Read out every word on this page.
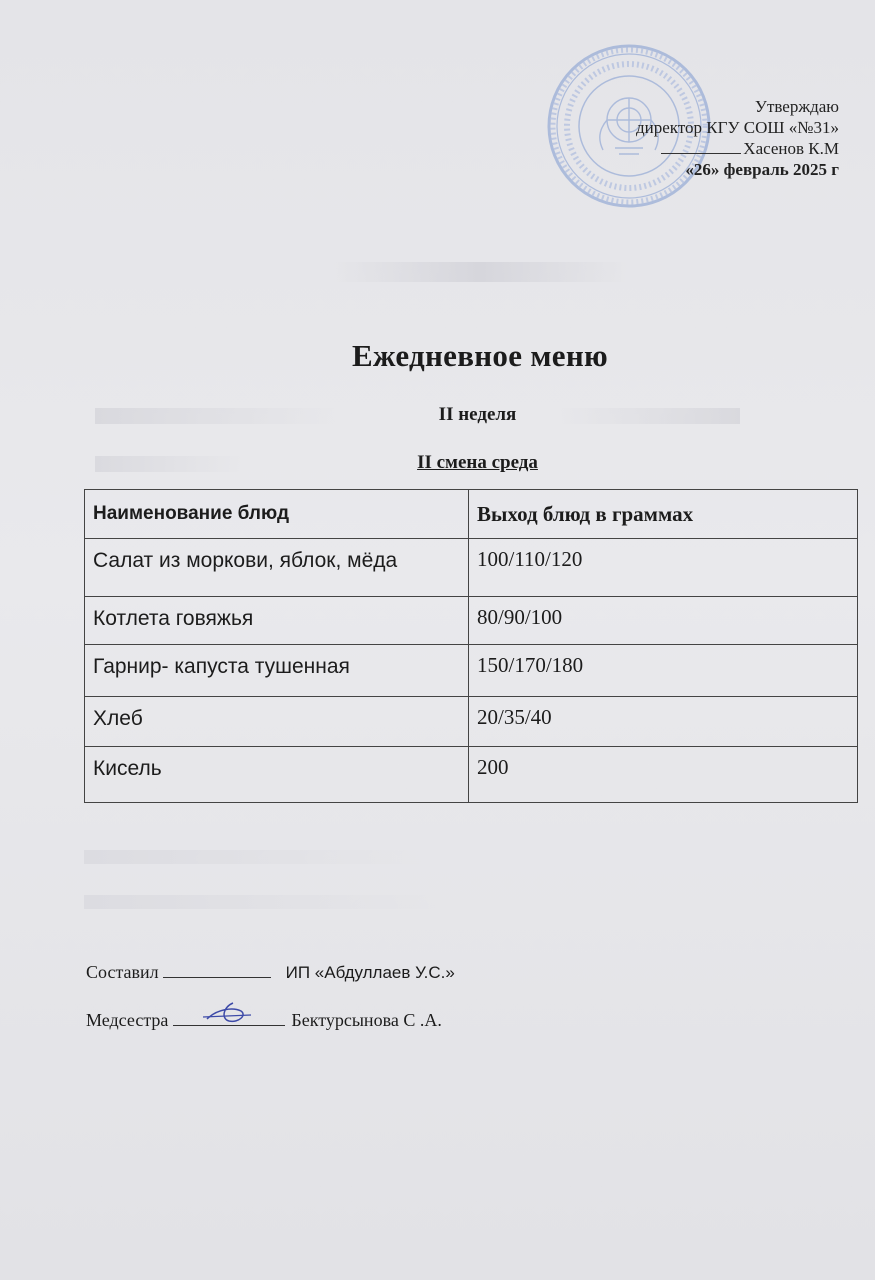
Утверждаю
директор КГУ СОШ «№31»
Хасенов К.М
«26» февраль 2025 г
Ежедневное меню
II неделя
II смена среда
Наименование блюд	Выход блюд в граммах
Салат из моркови, яблок, мёда	100/110/120
Котлета говяжья	80/90/100
Гарнир- капуста тушенная	150/170/180
Хлеб	20/35/40
Кисель	200
Составил	ИП «Абдуллаев У.С.»
Медсестра	Бектурсынова С .А.
